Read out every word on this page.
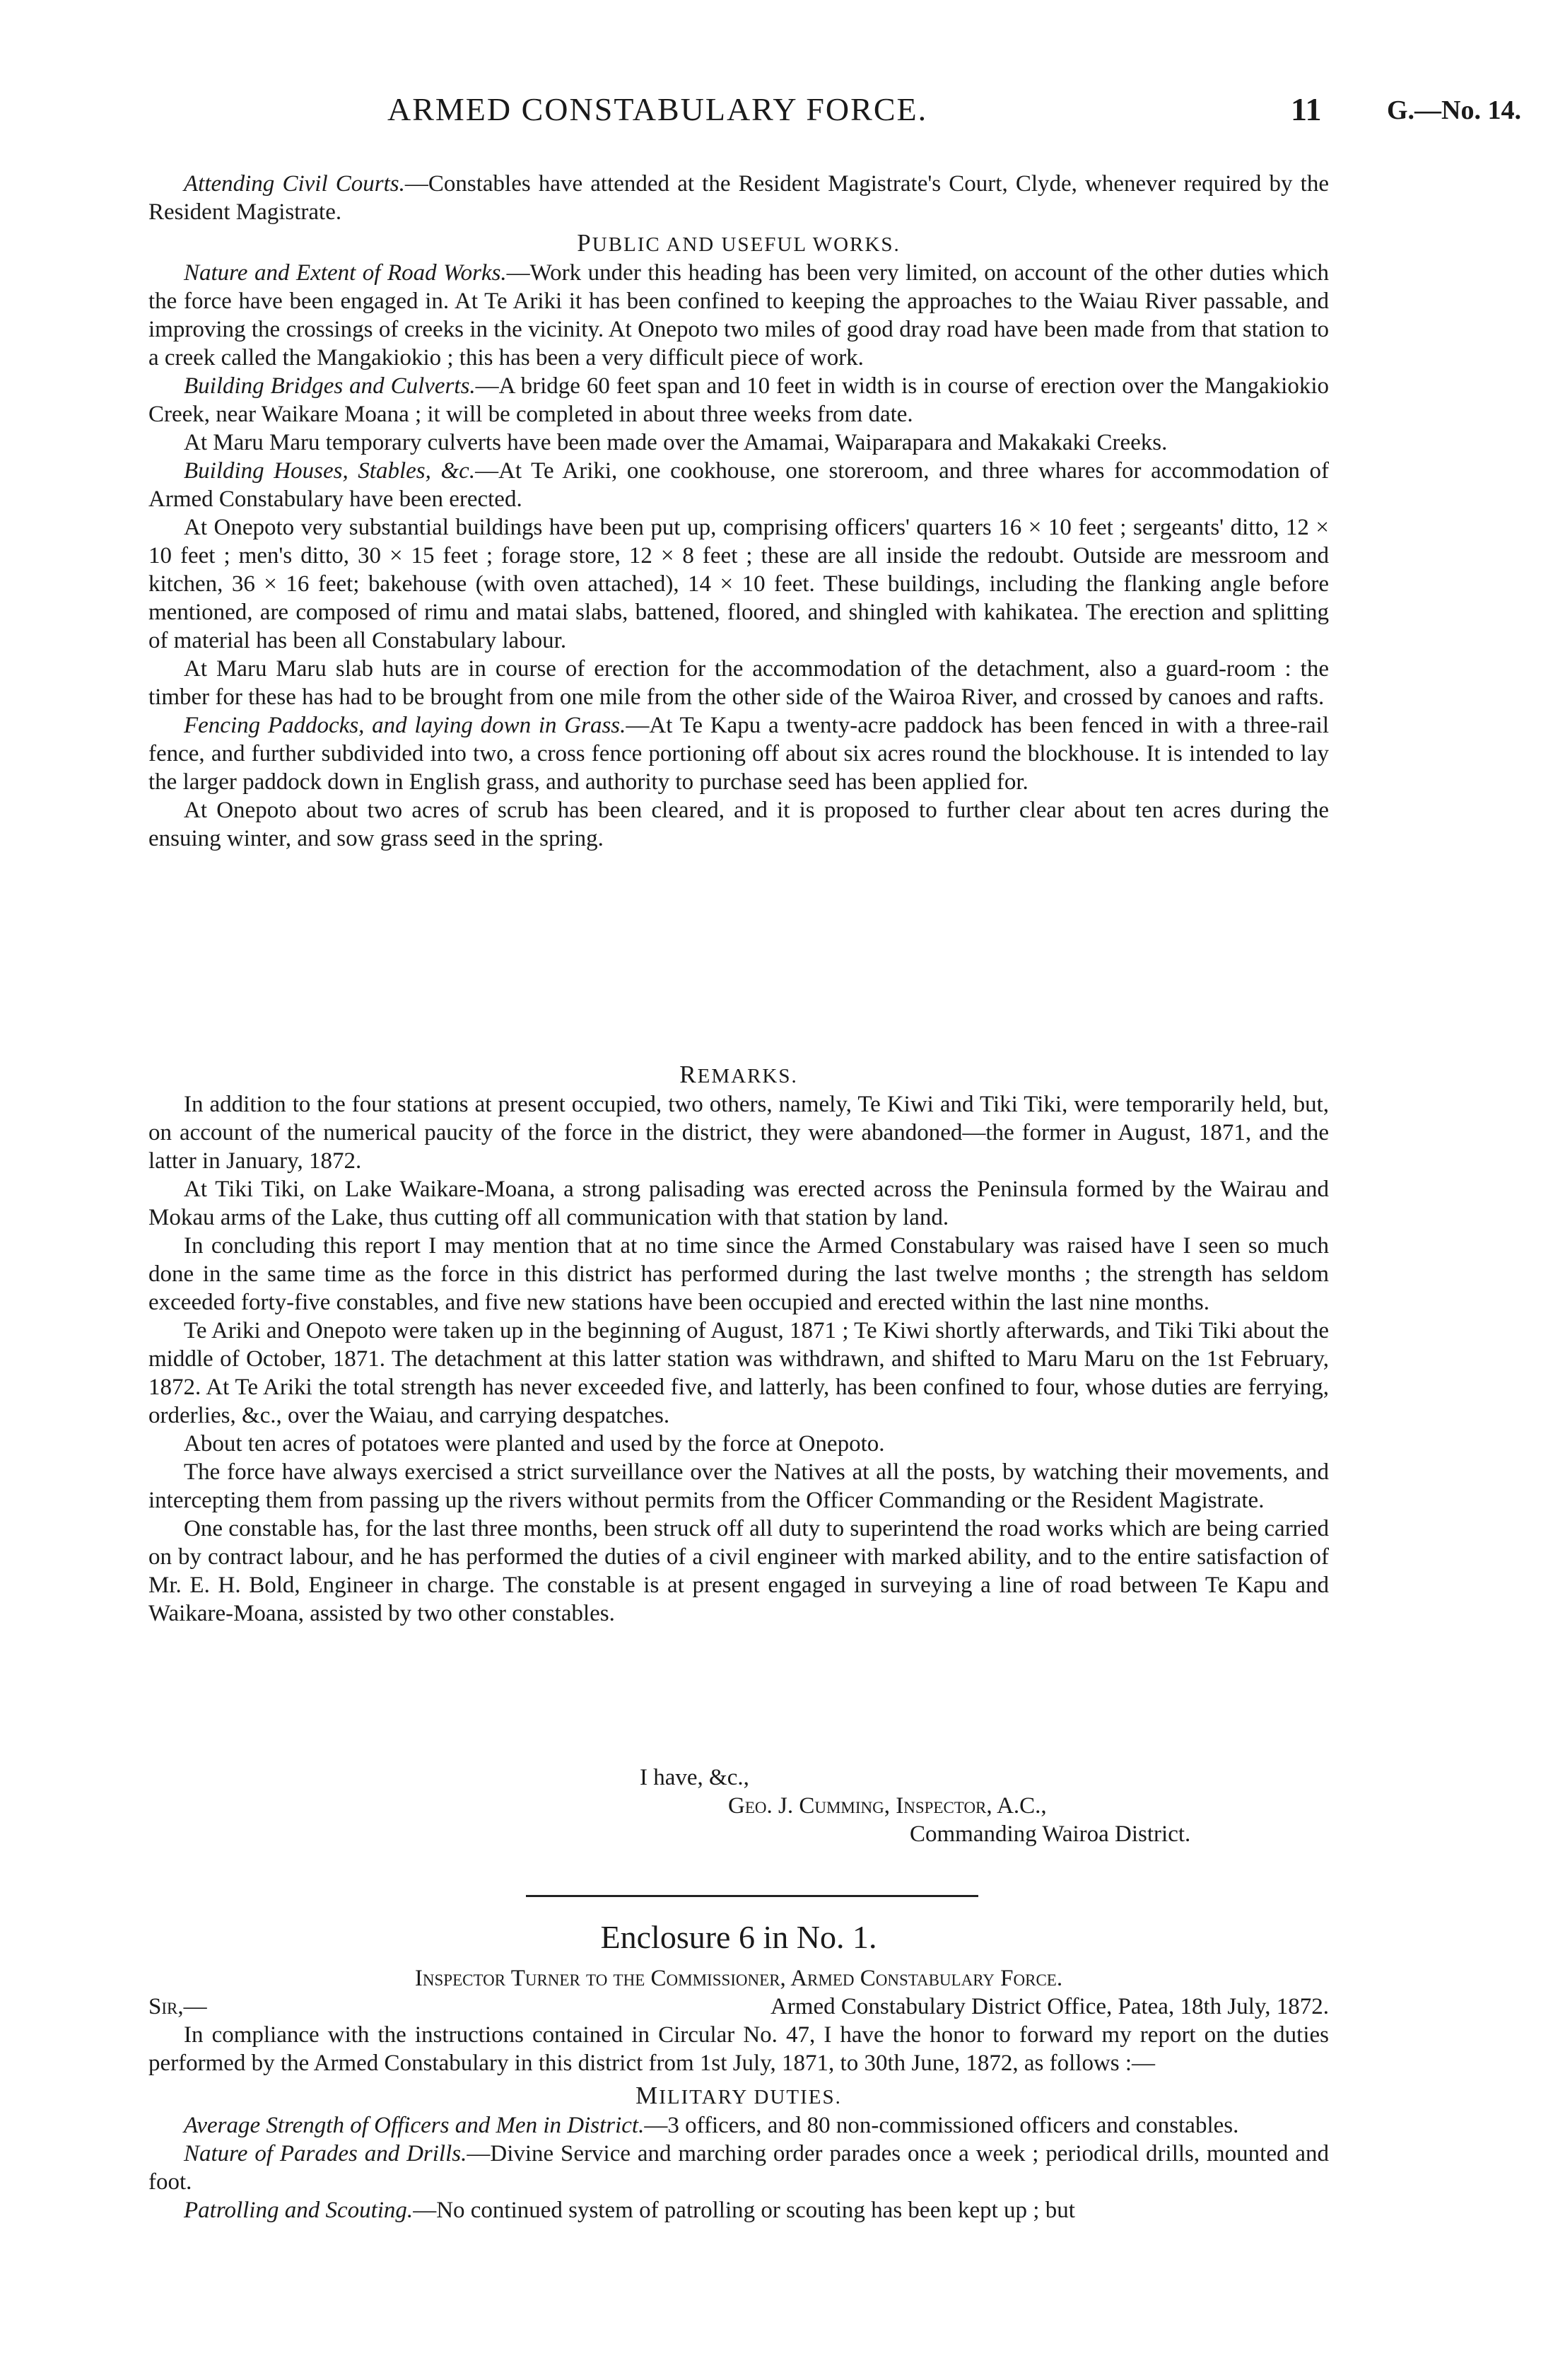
ARMED CONSTABULARY FORCE.	11 G.—No. 14.

Attending Civil Courts.—Constables have attended at the Resident Magistrate's Court, Clyde, whenever required by the Resident Magistrate.

PUBLIC AND USEFUL WORKS.

Nature and Extent of Road Works.—Work under this heading has been very limited, on account of the other duties which the force have been engaged in. At Te Ariki it has been confined to keeping the approaches to the Waiau River passable, and improving the crossings of creeks in the vicinity. At Onepoto two miles of good dray road have been made from that station to a creek called the Mangakiokio ; this has been a very difficult piece of work.

Building Bridges and Culverts.—A bridge 60 feet span and 10 feet in width is in course of erection over the Mangakiokio Creek, near Waikare Moana ; it will be completed in about three weeks from date.

At Maru Maru temporary culverts have been made over the Amamai, Waiparapara and Makakaki Creeks.

Building Houses, Stables, &c.—At Te Ariki, one cookhouse, one storeroom, and three whares for accommodation of Armed Constabulary have been erected.

At Onepoto very substantial buildings have been put up, comprising officers' quarters 16 × 10 feet ; sergeants' ditto, 12 × 10 feet ; men's ditto, 30 × 15 feet ; forage store, 12 × 8 feet ; these are all inside the redoubt. Outside are messroom and kitchen, 36 × 16 feet; bakehouse (with oven attached), 14 × 10 feet. These buildings, including the flanking angle before mentioned, are composed of rimu and matai slabs, battened, floored, and shingled with kahikatea. The erection and splitting of material has been all Constabulary labour.

At Maru Maru slab huts are in course of erection for the accommodation of the detachment, also a guard-room : the timber for these has had to be brought from one mile from the other side of the Wairoa River, and crossed by canoes and rafts.

Fencing Paddocks, and laying down in Grass.—At Te Kapu a twenty-acre paddock has been fenced in with a three-rail fence, and further subdivided into two, a cross fence portioning off about six acres round the blockhouse. It is intended to lay the larger paddock down in English grass, and authority to purchase seed has been applied for.

At Onepoto about two acres of scrub has been cleared, and it is proposed to further clear about ten acres during the ensuing winter, and sow grass seed in the spring.

REMARKS.

In addition to the four stations at present occupied, two others, namely, Te Kiwi and Tiki Tiki, were temporarily held, but, on account of the numerical paucity of the force in the district, they were abandoned—the former in August, 1871, and the latter in January, 1872.

At Tiki Tiki, on Lake Waikare-Moana, a strong palisading was erected across the Peninsula formed by the Wairau and Mokau arms of the Lake, thus cutting off all communication with that station by land.

In concluding this report I may mention that at no time since the Armed Constabulary was raised have I seen so much done in the same time as the force in this district has performed during the last twelve months ; the strength has seldom exceeded forty-five constables, and five new stations have been occupied and erected within the last nine months.

Te Ariki and Onepoto were taken up in the beginning of August, 1871 ; Te Kiwi shortly afterwards, and Tiki Tiki about the middle of October, 1871. The detachment at this latter station was withdrawn, and shifted to Maru Maru on the 1st February, 1872. At Te Ariki the total strength has never exceeded five, and latterly, has been confined to four, whose duties are ferrying, orderlies, &c., over the Waiau, and carrying despatches.

About ten acres of potatoes were planted and used by the force at Onepoto.

The force have always exercised a strict surveillance over the Natives at all the posts, by watching their movements, and intercepting them from passing up the rivers without permits from the Officer Commanding or the Resident Magistrate.

One constable has, for the last three months, been struck off all duty to superintend the road works which are being carried on by contract labour, and he has performed the duties of a civil engineer with marked ability, and to the entire satisfaction of Mr. E. H. Bold, Engineer in charge. The constable is at present engaged in surveying a line of road between Te Kapu and Waikare-Moana, assisted by two other constables.

I have, &c.,
Geo. J. Cumming, Inspector, A.C.,
Commanding Wairoa District.
Enclosure 6 in No. 1.

Inspector Turner to the Commissioner, Armed Constabulary Force.

Sir,—	Armed Constabulary District Office, Patea, 18th July, 1872.

In compliance with the instructions contained in Circular No. 47, I have the honor to forward my report on the duties performed by the Armed Constabulary in this district from 1st July, 1871, to 30th June, 1872, as follows :—

MILITARY DUTIES.

Average Strength of Officers and Men in District.—3 officers, and 80 non-commissioned officers and constables.

Nature of Parades and Drills.—Divine Service and marching order parades once a week ; periodical drills, mounted and foot.

Patrolling and Scouting.—No continued system of patrolling or scouting has been kept up ; but
